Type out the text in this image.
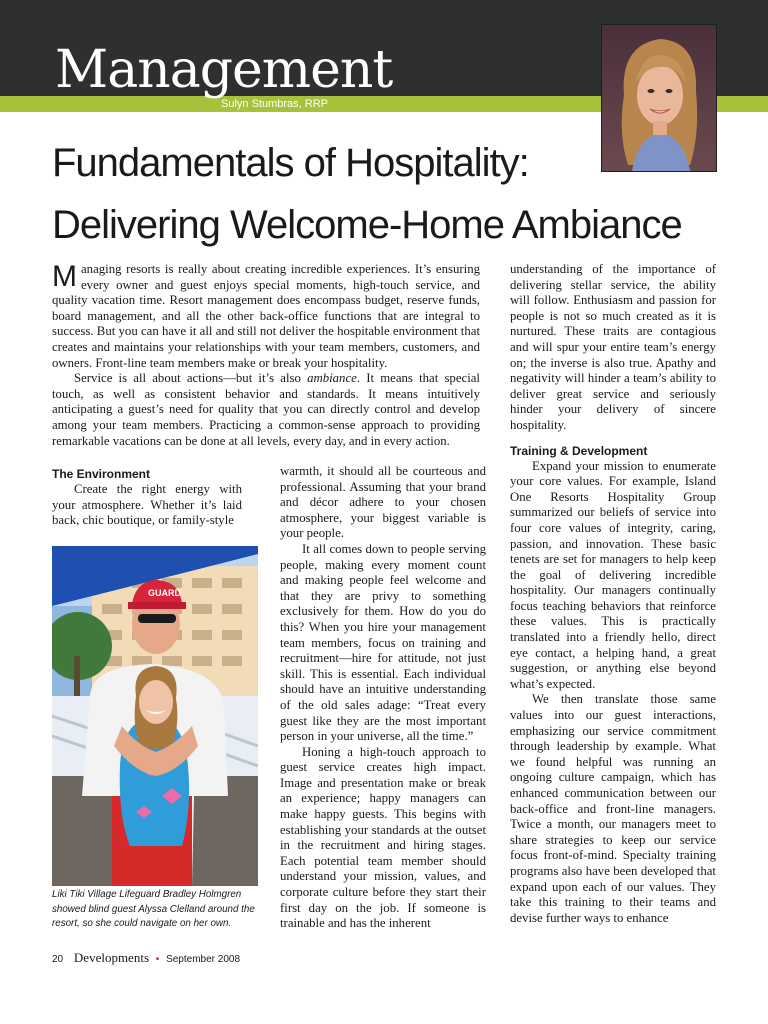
Management
Sulyn Stumbras, RRP
Fundamentals of Hospitality:
Delivering Welcome-Home Ambiance

Managing resorts is really about creating incredible experiences. It’s ensuring every owner and guest enjoys special moments, high-touch service, and quality vacation time. Resort management does encompass budget, reserve funds, board management, and all the other back-office functions that are integral to success. But you can have it all and still not deliver the hospitable environment that creates and maintains your relationships with your team members, customers, and owners. Front-line team members make or break your hospitality.

Service is all about actions—but it’s also ambiance. It means that special touch, as well as consistent behavior and standards. It means intuitively anticipating a guest’s need for quality that you can directly control and develop among your team members. Practicing a common-sense approach to providing remarkable vacations can be done at all levels, every day, and in every action.

The Environment

Create the right energy with your atmosphere. Whether it’s laid back, chic boutique, or family-style

GUARD
Liki Tiki Village Lifeguard Bradley Holmgren showed blind guest Alyssa Clelland around the resort, so she could navigate on her own.

warmth, it should all be courteous and professional. Assuming that your brand and décor adhere to your chosen atmosphere, your biggest variable is your people.

It all comes down to people serving people, making every moment count and making people feel welcome and that they are privy to something exclusively for them. How do you do this? When you hire your management team members, focus on training and recruitment—hire for attitude, not just skill. This is essential. Each individual should have an intuitive understanding of the old sales adage: “Treat every guest like they are the most important person in your universe, all the time.”

Honing a high-touch approach to guest service creates high impact. Image and presentation make or break an experience; happy managers can make happy guests. This begins with establishing your standards at the outset in the recruitment and hiring stages. Each potential team member should understand your mission, values, and corporate culture before they start their first day on the job. If someone is trainable and has the inherent

understanding of the importance of delivering stellar service, the ability will follow. Enthusiasm and passion for people is not so much created as it is nurtured. These traits are contagious and will spur your entire team’s energy on; the inverse is also true. Apathy and negativity will hinder a team’s ability to deliver great service and seriously hinder your delivery of sincere hospitality.

Training & Development

Expand your mission to enumerate your core values. For example, Island One Resorts Hospitality Group summarized our beliefs of service into four core values of integrity, caring, passion, and innovation. These basic tenets are set for managers to help keep the goal of delivering incredible hospitality. Our managers continually focus teaching behaviors that reinforce these values. This is practically translated into a friendly hello, direct eye contact, a helping hand, a great suggestion, or anything else beyond what’s expected.

We then translate those same values into our guest interactions, emphasizing our service commitment through leadership by example. What we found helpful was running an ongoing culture campaign, which has enhanced communication between our back-office and front-line managers. Twice a month, our managers meet to share strategies to keep our service focus front-of-mind. Specialty training programs also have been developed that expand upon each of our values. They take this training to their teams and devise further ways to enhance

20 Developments • September 2008
